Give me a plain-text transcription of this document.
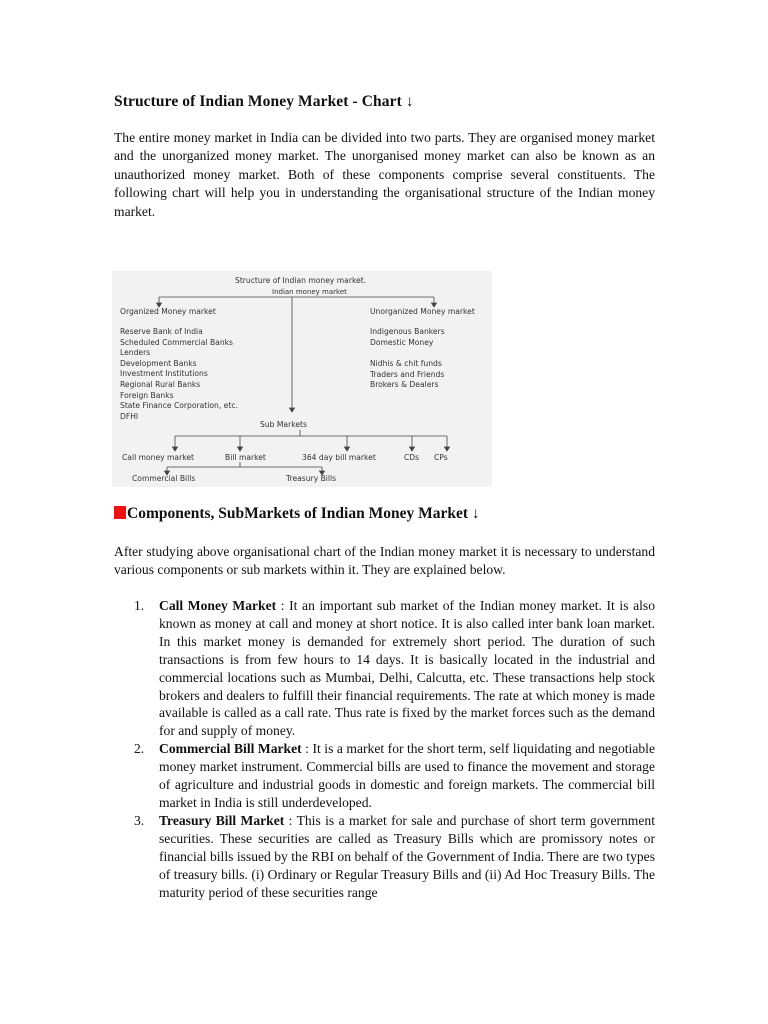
Structure of Indian Money Market - Chart ↓

The entire money market in India can be divided into two parts. They are organised money market and the unorganized money market. The unorganised money market can also be known as an unauthorized money market. Both of these components comprise several constituents. The following chart will help you in understanding the organisational structure of the Indian money market.

Structure of Indian money market.
Indian money market
Organized Money market
Reserve Bank of India
Scheduled Commercial Banks
Lenders
Development Banks
Investment Institutions
Regional Rural Banks
Foreign Banks
State Finance Corporation, etc.
DFHI
Unorganized Money market
Indigenous Bankers
Domestic Money
Nidhis & chit funds
Traders and Friends
Brokers & Dealers
Sub Markets
Call money market	Bill market	364 day bill market	CDs CPs
Commercial Bills	Treasury Bills
Components, SubMarkets of Indian Money Market ↓

After studying above organisational chart of the Indian money market it is necessary to understand various components or sub markets within it. They are explained below.

1. Call Money Market : It an important sub market of the Indian money market. It is also known as money at call and money at short notice. It is also called inter bank loan market. In this market money is demanded for extremely short period. The duration of such transactions is from few hours to 14 days. It is basically located in the industrial and commercial locations such as Mumbai, Delhi, Calcutta, etc. These transactions help stock brokers and dealers to fulfill their financial requirements. The rate at which money is made available is called as a call rate. Thus rate is fixed by the market forces such as the demand for and supply of money.
2. Commercial Bill Market : It is a market for the short term, self liquidating and negotiable money market instrument. Commercial bills are used to finance the movement and storage of agriculture and industrial goods in domestic and foreign markets. The commercial bill market in India is still underdeveloped.
3. Treasury Bill Market : This is a market for sale and purchase of short term government securities. These securities are called as Treasury Bills which are promissory notes or financial bills issued by the RBI on behalf of the Government of India. There are two types of treasury bills. (i) Ordinary or Regular Treasury Bills and (ii) Ad Hoc Treasury Bills. The maturity period of these securities range
